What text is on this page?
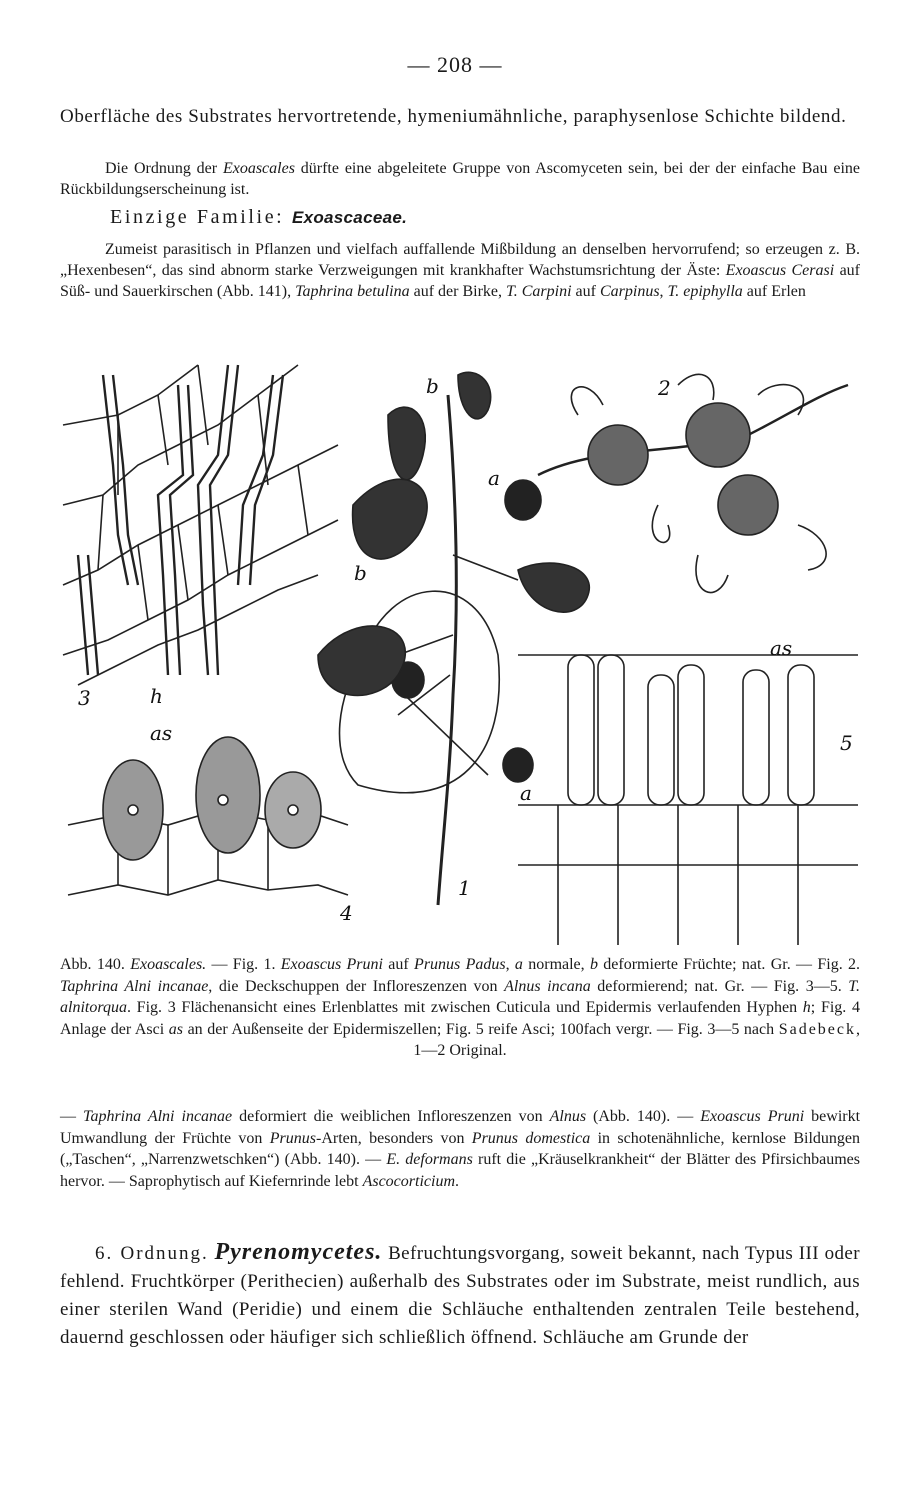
— 208 —
Oberfläche des Substrates hervortretende, hymeniumähnliche, paraphysenlose Schichte bildend.
Die Ordnung der Exoascales dürfte eine abgeleitete Gruppe von Ascomyceten sein, bei der der einfache Bau eine Rückbildungserscheinung ist.
Einzige Familie: Exoascaceae.
Zumeist parasitisch in Pflanzen und vielfach auffallende Mißbildung an denselben hervorrufend; so erzeugen z. B. „Hexenbesen“, das sind abnorm starke Verzweigungen mit krankhafter Wachstumsrichtung der Äste: Exoascus Cerasi auf Süß- und Sauerkirschen (Abb. 141), Taphrina betulina auf der Birke, T. Carpini auf Carpinus, T. epiphylla auf Erlen
3	h
as
4
b
a
b
a
1
2
as
5
Abb. 140. Exoascales. — Fig. 1. Exoascus Pruni auf Prunus Padus, a normale, b deformierte Früchte; nat. Gr. — Fig. 2. Taphrina Alni incanae, die Deckschuppen der Infloreszenzen von Alnus incana deformierend; nat. Gr. — Fig. 3—5. T. alnitorqua. Fig. 3 Flächenansicht eines Erlenblattes mit zwischen Cuticula und Epidermis verlaufenden Hyphen h; Fig. 4 Anlage der Asci as an der Außenseite der Epidermiszellen; Fig. 5 reife Asci; 100fach vergr. — Fig. 3—5 nach Sadebeck, 1—2 Original.
— Taphrina Alni incanae deformiert die weiblichen Infloreszenzen von Alnus (Abb. 140). — Exoascus Pruni bewirkt Umwandlung der Früchte von Prunus-Arten, besonders von Prunus domestica in schotenähnliche, kernlose Bildungen („Taschen“, „Narrenzwetschken“) (Abb. 140). — E. deformans ruft die „Kräuselkrankheit“ der Blätter des Pfirsichbaumes hervor. — Saprophytisch auf Kiefernrinde lebt Ascocorticium.
6. Ordnung. Pyrenomycetes. Befruchtungsvorgang, soweit bekannt, nach Typus III oder fehlend. Fruchtkörper (Perithecien) außerhalb des Substrates oder im Substrate, meist rundlich, aus einer sterilen Wand (Peridie) und einem die Schläuche enthaltenden zentralen Teile bestehend, dauernd geschlossen oder häufiger sich schließlich öffnend. Schläuche am Grunde der
